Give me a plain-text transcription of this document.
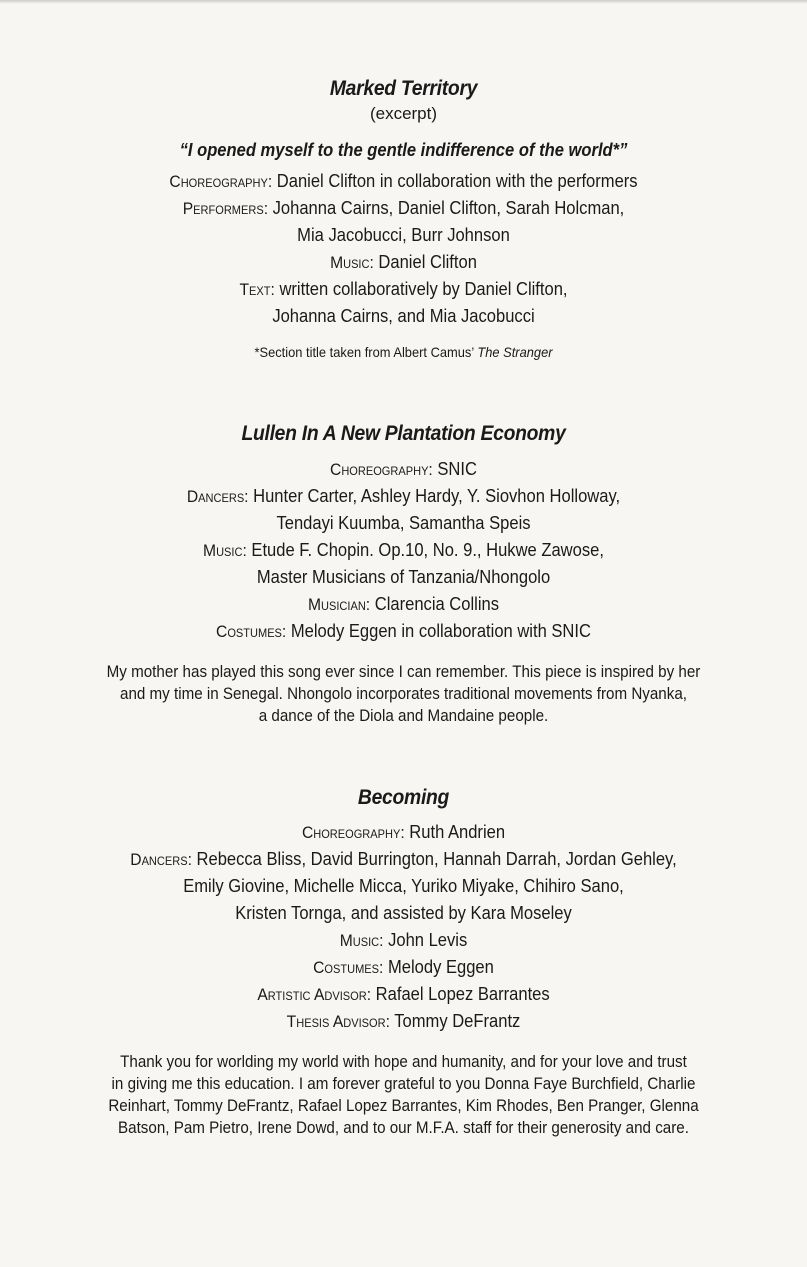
Marked Territory
(excerpt)
“I opened myself to the gentle indifference of the world*”
Choreography: Daniel Clifton in collaboration with the performers
Performers: Johanna Cairns, Daniel Clifton, Sarah Holcman,
Mia Jacobucci, Burr Johnson
Music: Daniel Clifton
Text: written collaboratively by Daniel Clifton,
Johanna Cairns, and Mia Jacobucci
*Section title taken from Albert Camus’ The Stranger
Lullen In A New Plantation Economy
Choreography: SNIC
Dancers: Hunter Carter, Ashley Hardy, Y. Siovhon Holloway,
Tendayi Kuumba, Samantha Speis
Music: Etude F. Chopin. Op.10, No. 9., Hukwe Zawose,
Master Musicians of Tanzania/Nhongolo
Musician: Clarencia Collins
Costumes: Melody Eggen in collaboration with SNIC
My mother has played this song ever since I can remember. This piece is inspired by her
and my time in Senegal. Nhongolo incorporates traditional movements from Nyanka,
a dance of the Diola and Mandaine people.
Becoming
Choreography: Ruth Andrien
Dancers: Rebecca Bliss, David Burrington, Hannah Darrah, Jordan Gehley,
Emily Giovine, Michelle Micca, Yuriko Miyake, Chihiro Sano,
Kristen Tornga, and assisted by Kara Moseley
Music: John Levis
Costumes: Melody Eggen
Artistic Advisor: Rafael Lopez Barrantes
Thesis Advisor: Tommy DeFrantz
Thank you for worlding my world with hope and humanity, and for your love and trust
in giving me this education. I am forever grateful to you Donna Faye Burchfield, Charlie
Reinhart, Tommy DeFrantz, Rafael Lopez Barrantes, Kim Rhodes, Ben Pranger, Glenna
Batson, Pam Pietro, Irene Dowd, and to our M.F.A. staff for their generosity and care.
